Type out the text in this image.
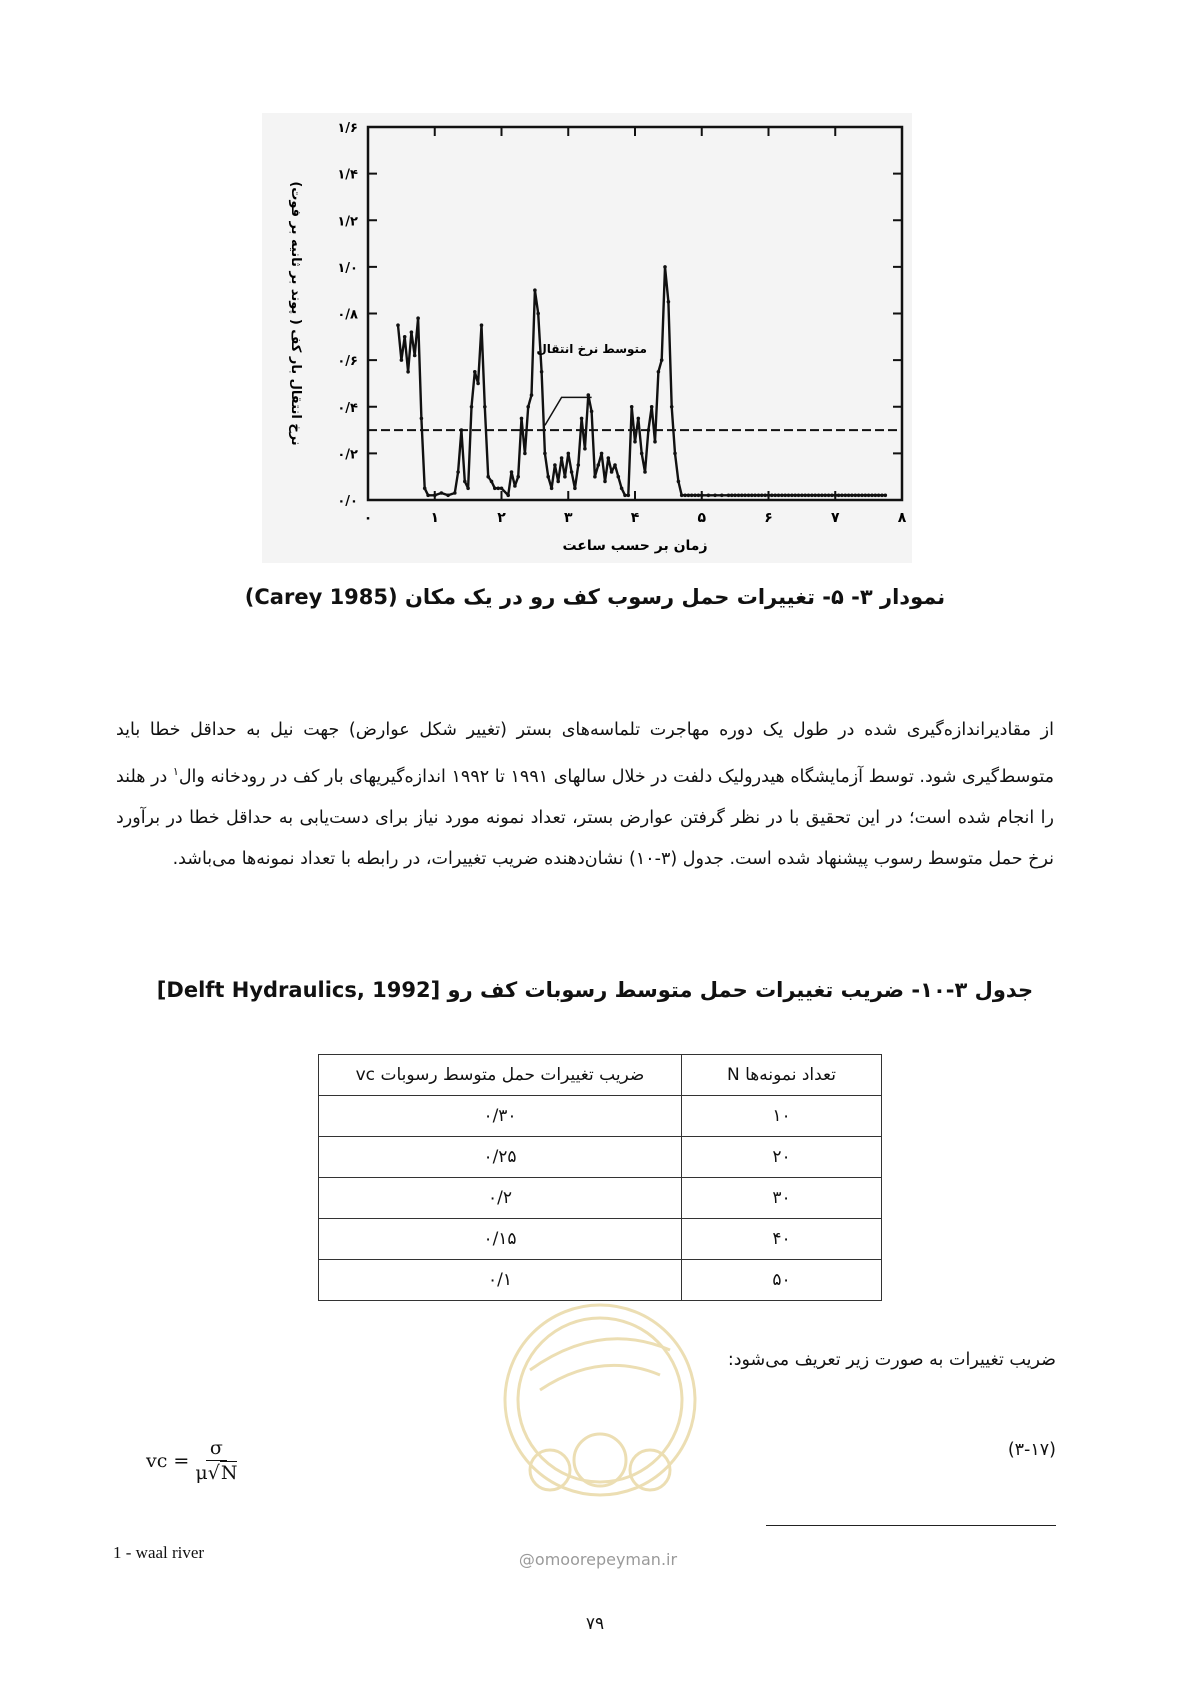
۰/۰
۰/۲
۰/۴
۰/۶
۰/۸
۱/۰
۱/۲
۱/۴
۱/۶
۰	۱	۲	۳	۴	۵	۶	۷	۸
متوسط نرخ انتقال
زمان بر حسب ساعت
نرخ انتقال بار کف ( پوند بر ثانیه بر فوت)
نمودار ۳- ۵- تغییرات حمل رسوب کف رو در یک مکان (Carey 1985)
از مقادیراندازه‌گیری شده در طول یک دوره مهاجرت تلماسه‌های بستر (تغییر شکل عوارض) جهت نیل به حداقل خطا باید متوسط‌گیری شود. توسط آزمایشگاه هیدرولیک دلفت در خلال سالهای ۱۹۹۱ تا ۱۹۹۲ اندازه‌گیریهای بار کف در رودخانه وال$^۱$ در هلند را انجام شده است؛ در این تحقیق با در نظر گرفتن عوارض بستر، تعداد نمونه مورد نیاز برای دست‌یابی به حداقل خطا در برآورد نرخ حمل متوسط رسوب پیشنهاد شده است. جدول (۳-۱۰) نشان‌دهنده ضریب تغییرات، در رابطه با تعداد نمونه‌ها می‌باشد.
جدول ۳-۱۰- ضریب تغییرات حمل متوسط رسوبات کف رو [Delft Hydraulics, 1992]
تعداد نمونه‌ها N	ضریب تغییرات حمل متوسط رسوبات vc
۱۰	۰/۳۰
۲۰	۰/۲۵
۳۰	۰/۲
۴۰	۰/۱۵
۵۰	۰/۱
@omoorepeyman.ir
ضریب تغییرات به صورت زیر تعریف می‌شود:
(۳-۱۷)
vc = $\frac{\sigma}{\mu√N}$
1 - waal river
۷۹
